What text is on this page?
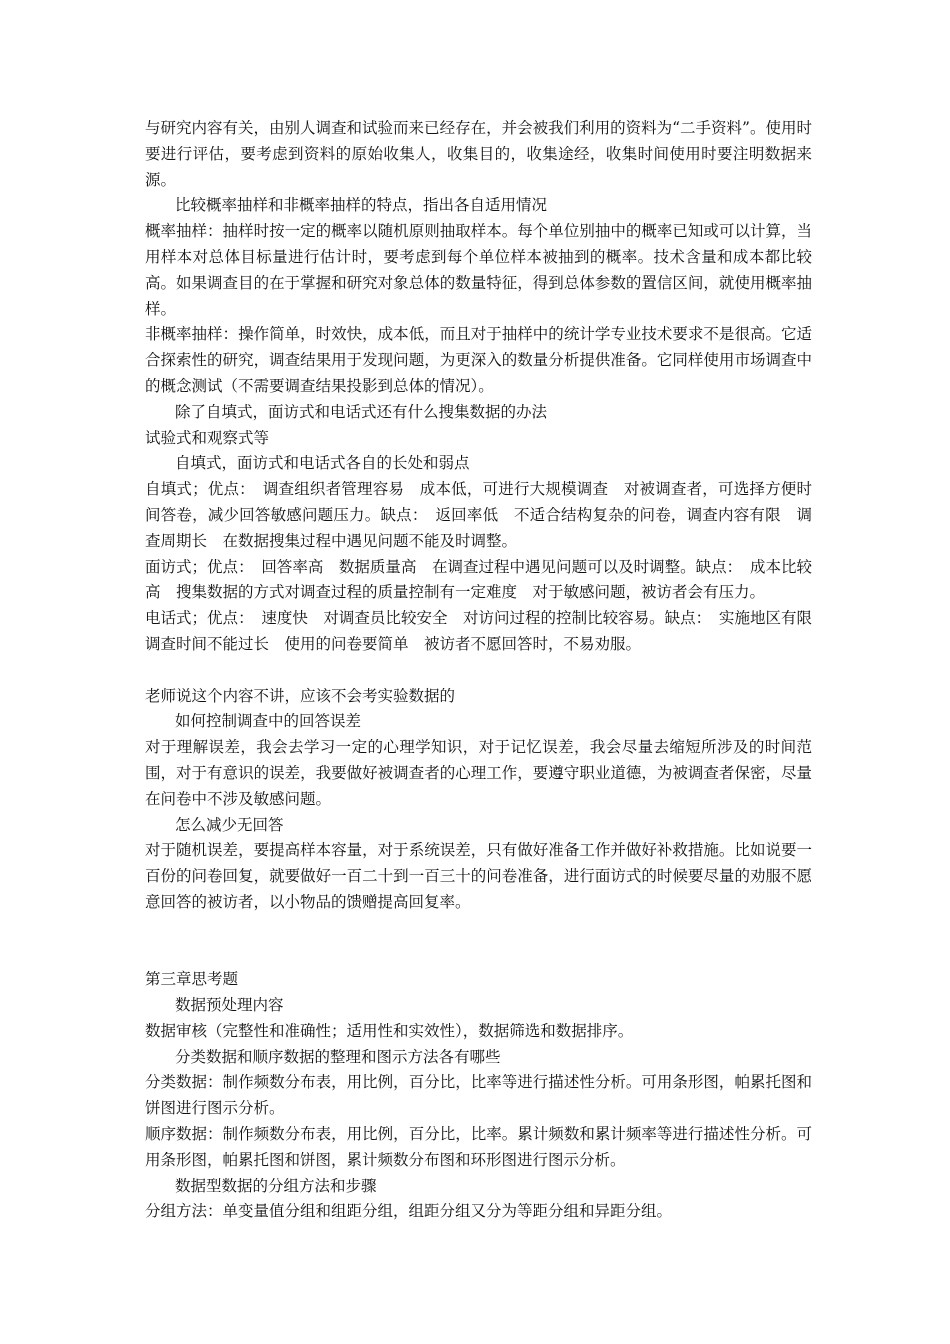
与研究内容有关，由别人调查和试验而来已经存在，并会被我们利用的资料为“二手资料”。使用时要进行评估，要考虑到资料的原始收集人，收集目的，收集途经，收集时间使用时要注明数据来源。

比较概率抽样和非概率抽样的特点，指出各自适用情况

概率抽样：抽样时按一定的概率以随机原则抽取样本。每个单位别抽中的概率已知或可以计算，当用样本对总体目标量进行估计时，要考虑到每个单位样本被抽到的概率。技术含量和成本都比较高。如果调查目的在于掌握和研究对象总体的数量特征，得到总体参数的置信区间，就使用概率抽样。

非概率抽样：操作简单，时效快，成本低，而且对于抽样中的统计学专业技术要求不是很高。它适合探索性的研究，调查结果用于发现问题，为更深入的数量分析提供准备。它同样使用市场调查中的概念测试（不需要调查结果投影到总体的情况）。

除了自填式，面访式和电话式还有什么搜集数据的办法

试验式和观察式等

自填式，面访式和电话式各自的长处和弱点

自填式；优点：　调查组织者管理容易　成本低，可进行大规模调查　对被调查者，可选择方便时间答卷，减少回答敏感问题压力。缺点：　返回率低　不适合结构复杂的问卷，调查内容有限　调查周期长　在数据搜集过程中遇见问题不能及时调整。

面访式；优点：　回答率高　数据质量高　在调查过程中遇见问题可以及时调整。缺点：　成本比较高　搜集数据的方式对调查过程的质量控制有一定难度　对于敏感问题，被访者会有压力。

电话式；优点：　速度快　对调查员比较安全　对访问过程的控制比较容易。缺点：　实施地区有限　调查时间不能过长　使用的问卷要简单　被访者不愿回答时，不易劝服。

老师说这个内容不讲，应该不会考实验数据的

如何控制调查中的回答误差

对于理解误差，我会去学习一定的心理学知识，对于记忆误差，我会尽量去缩短所涉及的时间范围，对于有意识的误差，我要做好被调查者的心理工作，要遵守职业道德，为被调查者保密，尽量在问卷中不涉及敏感问题。

怎么减少无回答

对于随机误差，要提高样本容量，对于系统误差，只有做好准备工作并做好补救措施。比如说要一百份的问卷回复，就要做好一百二十到一百三十的问卷准备，进行面访式的时候要尽量的劝服不愿意回答的被访者，以小物品的馈赠提高回复率。

第三章思考题

数据预处理内容

数据审核（完整性和准确性；适用性和实效性），数据筛选和数据排序。

分类数据和顺序数据的整理和图示方法各有哪些

分类数据：制作频数分布表，用比例，百分比，比率等进行描述性分析。可用条形图，帕累托图和饼图进行图示分析。

顺序数据：制作频数分布表，用比例，百分比，比率。累计频数和累计频率等进行描述性分析。可用条形图，帕累托图和饼图，累计频数分布图和环形图进行图示分析。

数据型数据的分组方法和步骤

分组方法：单变量值分组和组距分组，组距分组又分为等距分组和异距分组。
